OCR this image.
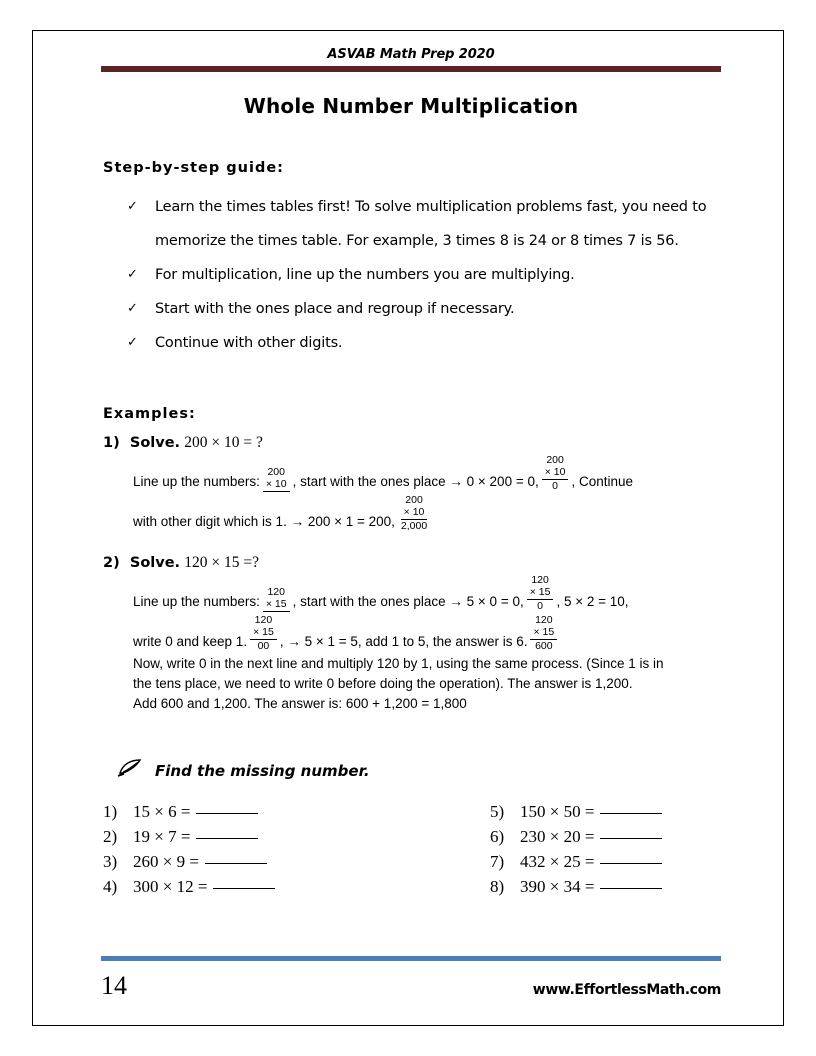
ASVAB Math Prep 2020
Whole Number Multiplication
Step-by-step guide:
✓ Learn the times tables first! To solve multiplication problems fast, you need to memorize the times table. For example, 3 times 8 is 24 or 8 times 7 is 56.
✓ For multiplication, line up the numbers you are multiplying.
✓ Start with the ones place and regroup if necessary.
✓ Continue with other digits.
Examples:
1) Solve. 200 × 10 = ?
Line up the numbers:
200
× 10 , start with the ones place → 0 × 200 = 0,
200
× 10
0 , Continue
with other digit which is 1. → 200 × 1 = 200,
200
× 10
2,000
2) Solve. 120 × 15 =?
Line up the numbers:
120
× 15 , start with the ones place → 5 × 0 = 0,
120
× 15
0 , 5 × 2 = 10,
write 0 and keep 1.
120
× 15
00 , → 5 × 1 = 5, add 1 to 5, the answer is 6.
120
× 15
600
Now, write 0 in the next line and multiply 120 by 1, using the same process. (Since 1 is in
the tens place, we need to write 0 before doing the operation). The answer is 1,200.
Add 600 and 1,200. The answer is: 600 + 1,200 = 1,800
Find the missing number.
1) 15 × 6 =
2) 19 × 7 =
3) 260 × 9 =
4) 300 × 12 =
5) 150 × 50 =
6) 230 × 20 =
7) 432 × 25 =
8) 390 × 34 =
14	www.EffortlessMath.com
